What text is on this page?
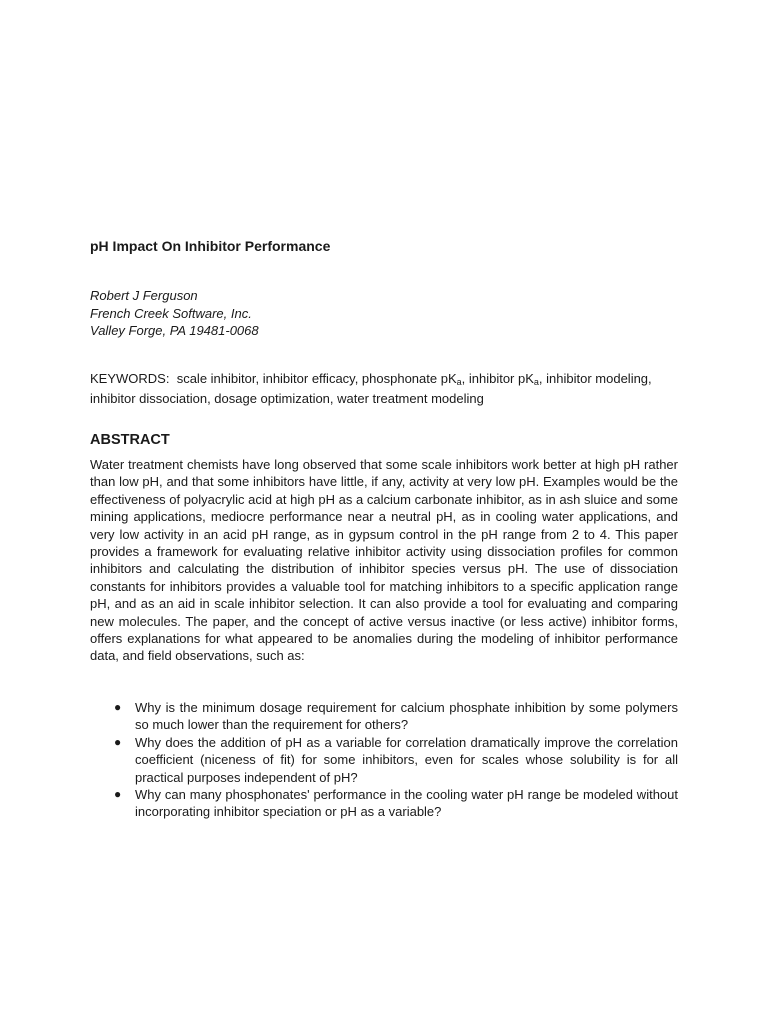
pH Impact On Inhibitor Performance
Robert J Ferguson
French Creek Software, Inc.
Valley Forge, PA 19481-0068
KEYWORDS: scale inhibitor, inhibitor efficacy, phosphonate $pK_a$, inhibitor $pK_a$, inhibitor modeling, inhibitor dissociation, dosage optimization, water treatment modeling
ABSTRACT

Water treatment chemists have long observed that some scale inhibitors work better at high pH rather than low pH, and that some inhibitors have little, if any, activity at very low pH. Examples would be the effectiveness of polyacrylic acid at high pH as a calcium carbonate inhibitor, as in ash sluice and some mining applications, mediocre performance near a neutral pH, as in cooling water applications, and very low activity in an acid pH range, as in gypsum control in the pH range from 2 to 4. This paper provides a framework for evaluating relative inhibitor activity using dissociation profiles for common inhibitors and calculating the distribution of inhibitor species versus pH. The use of dissociation constants for inhibitors provides a valuable tool for matching inhibitors to a specific application range pH, and as an aid in scale inhibitor selection. It can also provide a tool for evaluating and comparing new molecules. The paper, and the concept of active versus inactive (or less active) inhibitor forms, offers explanations for what appeared to be anomalies during the modeling of inhibitor performance data, and field observations, such as:

● Why is the minimum dosage requirement for calcium phosphate inhibition by some polymers so much lower than the requirement for others?
● Why does the addition of pH as a variable for correlation dramatically improve the correlation coefficient (niceness of fit) for some inhibitors, even for scales whose solubility is for all practical purposes independent of pH?
● Why can many phosphonates' performance in the cooling water pH range be modeled without incorporating inhibitor speciation or pH as a variable?
